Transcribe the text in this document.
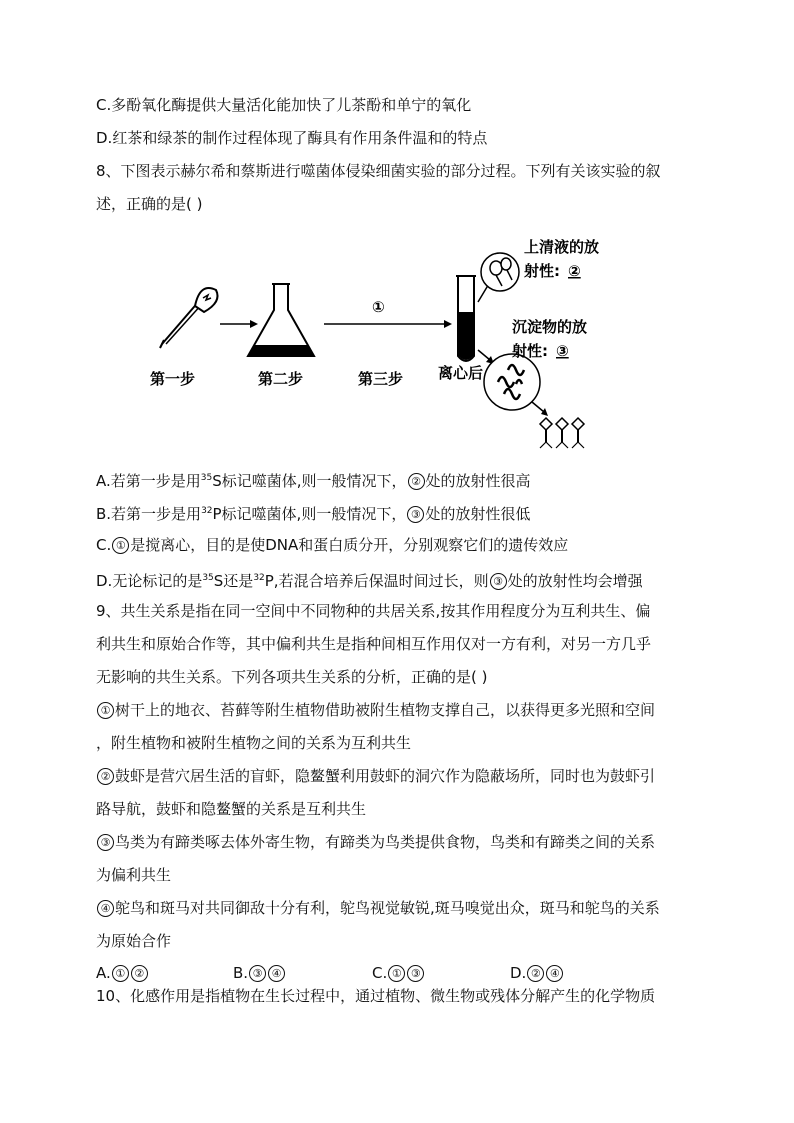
C.多酚氧化酶提供大量活化能加快了儿茶酚和单宁的氧化
D.红茶和绿茶的制作过程体现了酶具有作用条件温和的特点
8、下图表示赫尔希和蔡斯进行噬菌体侵染细菌实验的部分过程。下列有关该实验的叙
述，正确的是( )
①
第一步	第二步	第三步 离心后
上清液的放
射性: ②
沉淀物的放
射性: ③
A.若第一步是用$^{35}$S标记噬菌体,则一般情况下， ② 处的放射性很高
B.若第一步是用$^{32}$P标记噬菌体,则一般情况下， ③ 处的放射性很低
C. ① 是搅离心，目的是使DNA和蛋白质分开，分别观察它们的遗传效应
D.无论标记的是$^{35}$S还是$^{32}$P,若混合培养后保温时间过长，则 ③ 处的放射性均会增强
9、共生关系是指在同一空间中不同物种的共居关系,按其作用程度分为互利共生、偏
利共生和原始合作等，其中偏利共生是指种间相互作用仅对一方有利，对另一方几乎
无影响的共生关系。下列各项共生关系的分析，正确的是( )
① 树干上的地衣、苔藓等附生植物借助被附生植物支撑自己，以获得更多光照和空间
，附生植物和被附生植物之间的关系为互利共生
② 鼓虾是营穴居生活的盲虾，隐鳌蟹利用鼓虾的洞穴作为隐蔽场所，同时也为鼓虾引
路导航，鼓虾和隐鳌蟹的关系是互利共生
③ 鸟类为有蹄类啄去体外寄生物，有蹄类为鸟类提供食物，鸟类和有蹄类之间的关系
为偏利共生
④ 鸵鸟和斑马对共同御敌十分有利，鸵鸟视觉敏锐,斑马嗅觉出众，斑马和鸵鸟的关系
为原始合作
A. ① ②	B. ③ ④	C. ① ③	D. ② ④
10、化感作用是指植物在生长过程中，通过植物、微生物或残体分解产生的化学物质
